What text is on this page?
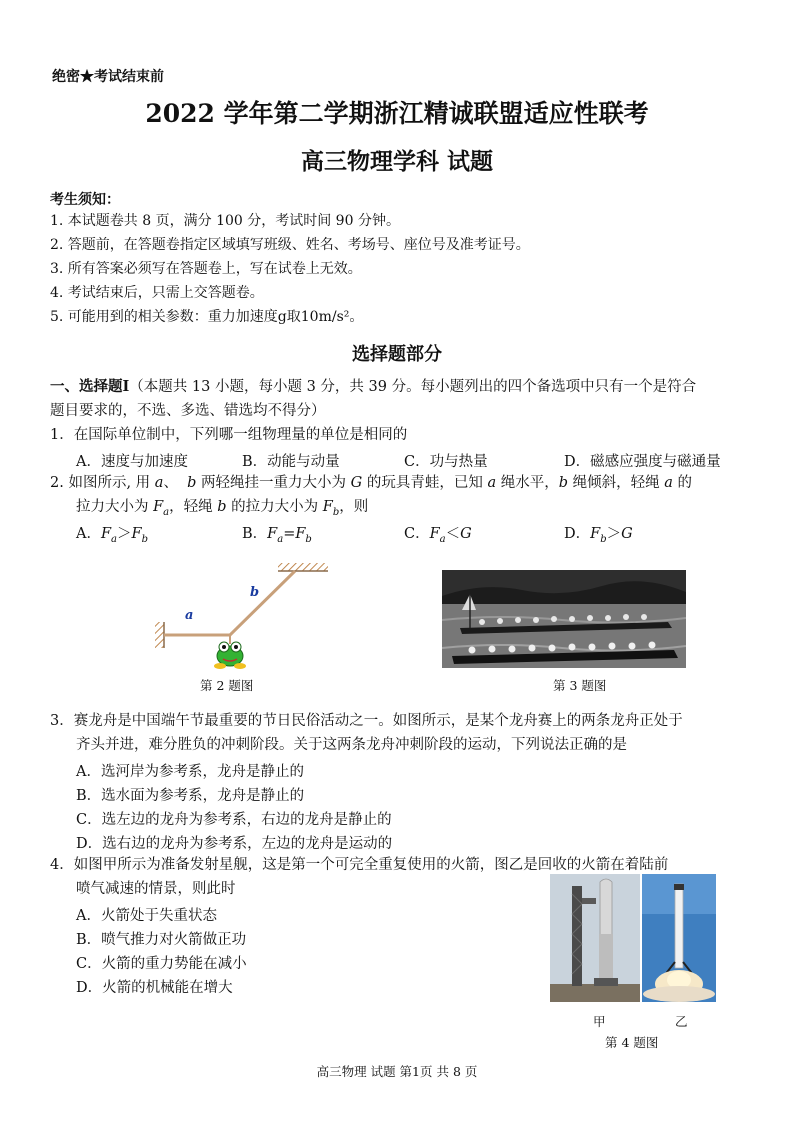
绝密★考试结束前
2022 学年第二学期浙江精诚联盟适应性联考
高三物理学科 试题
考生须知：
1. 本试题卷共 8 页，满分 100 分，考试时间 90 分钟。
2. 答题前，在答题卷指定区域填写班级、姓名、考场号、座位号及准考证号。
3. 所有答案必须写在答题卷上，写在试卷上无效。
4. 考试结束后，只需上交答题卷。
5. 可能用到的相关参数：重力加速度g取10m/s²。
选择题部分
一、选择题Ⅰ（本题共 13 小题，每小题 3 分，共 39 分。每小题列出的四个备选项中只有一个是符合
题目要求的，不选、多选、错选均不得分）
1．在国际单位制中，下列哪一组物理量的单位是相同的
A．速度与加速度	B．动能与动量	C．功与热量	D．磁感应强度与磁通量
2. 如图所示, 用 a、 b 两轻绳挂一重力大小为 G 的玩具青蛙，已知 a 绳水平，b 绳倾斜，轻绳 a 的
拉力大小为 $F_a$，轻绳 b 的拉力大小为 $F_b$，则
A．$F_a>F_b$	B．$F_a=F_b$	C．$F_a<G$	D．$F_b>G$
a
b
第 2 题图	第 3 题图
3．赛龙舟是中国端午节最重要的节日民俗活动之一。如图所示，是某个龙舟赛上的两条龙舟正处于
齐头并进，难分胜负的冲刺阶段。关于这两条龙舟冲刺阶段的运动，下列说法正确的是
A．选河岸为参考系，龙舟是静止的
B．选水面为参考系，龙舟是静止的
C．选左边的龙舟为参考系，右边的龙舟是静止的
D．选右边的龙舟为参考系，左边的龙舟是运动的
4．如图甲所示为准备发射星舰，这是第一个可完全重复使用的火箭，图乙是回收的火箭在着陆前
喷气减速的情景，则此时
A．火箭处于失重状态
B．喷气推力对火箭做正功
C．火箭的重力势能在减小
D．火箭的机械能在增大
甲	乙
第 4 题图
高三物理 试题 第1页 共 8 页
